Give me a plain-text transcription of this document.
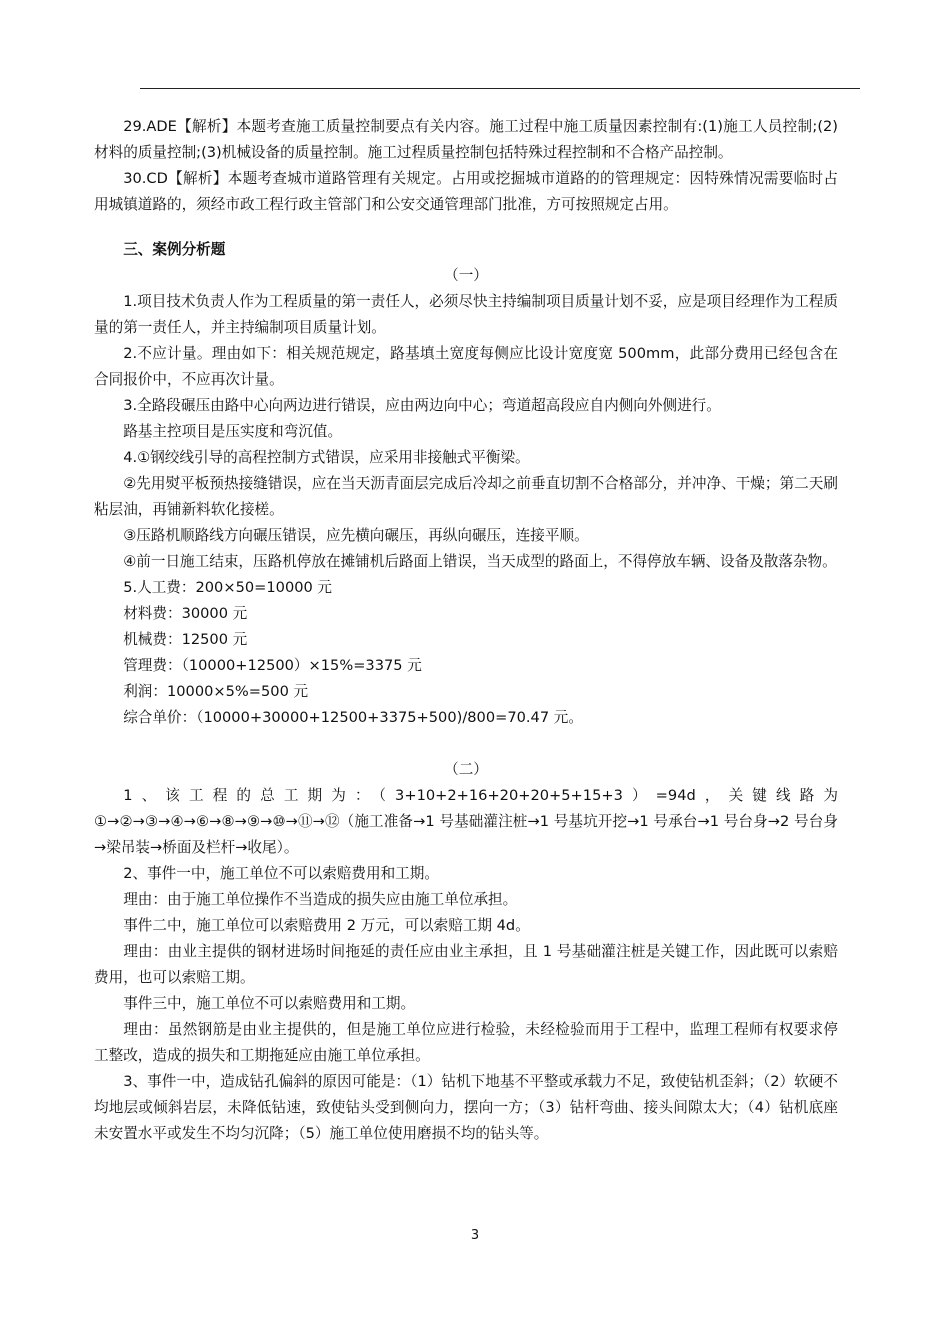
29.ADE【解析】本题考查施工质量控制要点有关内容。施工过程中施工质量因素控制有:(1)施工人员控制;(2)材料的质量控制;(3)机械设备的质量控制。施工过程质量控制包括特殊过程控制和不合格产品控制。

30.CD【解析】本题考查城市道路管理有关规定。占用或挖掘城市道路的的管理规定：因特殊情况需要临时占用城镇道路的，须经市政工程行政主管部门和公安交通管理部门批准，方可按照规定占用。

三、案例分析题

（一）

1.项目技术负责人作为工程质量的第一责任人，必须尽快主持编制项目质量计划不妥，应是项目经理作为工程质量的第一责任人，并主持编制项目质量计划。

2.不应计量。理由如下：相关规范规定，路基填土宽度每侧应比设计宽度宽 500mm，此部分费用已经包含在合同报价中，不应再次计量。

3.全路段碾压由路中心向两边进行错误，应由两边向中心；弯道超高段应自内侧向外侧进行。

路基主控项目是压实度和弯沉值。

4.①钢绞线引导的高程控制方式错误，应采用非接触式平衡梁。

②先用熨平板预热接缝错误，应在当天沥青面层完成后冷却之前垂直切割不合格部分，并冲净、干燥；第二天刷粘层油，再铺新料软化接槎。

③压路机顺路线方向碾压错误，应先横向碾压，再纵向碾压，连接平顺。

④前一日施工结束，压路机停放在摊铺机后路面上错误，当天成型的路面上，不得停放车辆、设备及散落杂物。

5.人工费：200×50=10000 元

材料费：30000 元

机械费：12500 元

管理费：（10000+12500）×15%=3375 元

利润：10000×5%=500 元

综合单价：（10000+30000+12500+3375+500)/800=70.47 元。

（二）

1、该工程的总工期为：（3+10+2+16+20+20+5+15+3）=94d，关键线路为①→②→③→④→⑥→⑧→⑨→⑩→⑪→⑫（施工准备→1 号基础灌注桩→1 号基坑开挖→1 号承台→1 号台身→2 号台身→梁吊装→桥面及栏杆→收尾）。

2、事件一中，施工单位不可以索赔费用和工期。

理由：由于施工单位操作不当造成的损失应由施工单位承担。

事件二中，施工单位可以索赔费用 2 万元，可以索赔工期 4d。

理由：由业主提供的钢材进场时间拖延的责任应由业主承担，且 1 号基础灌注桩是关键工作，因此既可以索赔费用，也可以索赔工期。

事件三中，施工单位不可以索赔费用和工期。

理由：虽然钢筋是由业主提供的，但是施工单位应进行检验，未经检验而用于工程中，监理工程师有权要求停工整改，造成的损失和工期拖延应由施工单位承担。

3、事件一中，造成钻孔偏斜的原因可能是：（1）钻机下地基不平整或承载力不足，致使钻机歪斜；（2）软硬不均地层或倾斜岩层，未降低钻速，致使钻头受到侧向力，摆向一方；（3）钻杆弯曲、接头间隙太大；（4）钻机底座未安置水平或发生不均匀沉降；（5）施工单位使用磨损不均的钻头等。

3
